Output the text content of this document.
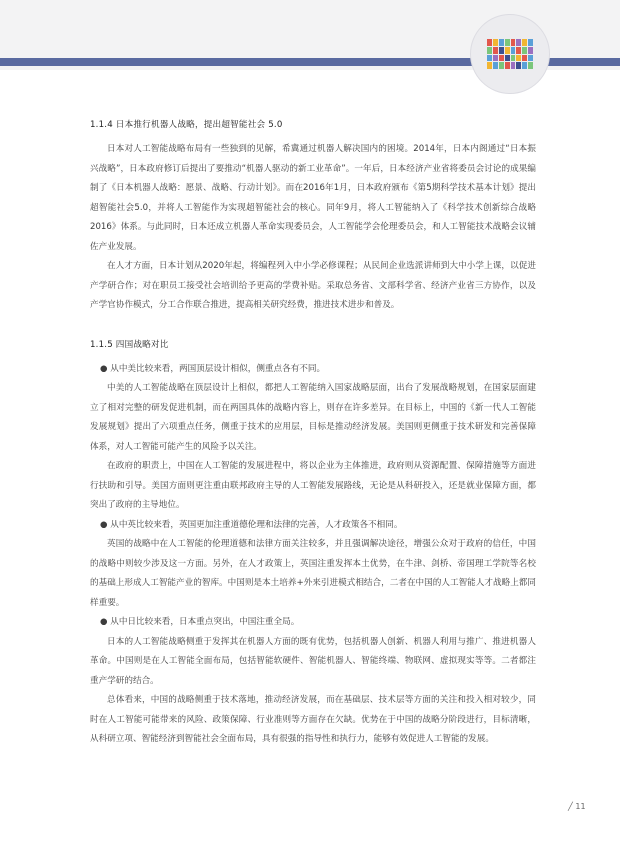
1.1.4 日本推行机器人战略，提出超智能社会 5.0

日本对人工智能战略布局有一些独到的见解，希冀通过机器人解决国内的困境。2014年，日本内阁通过“日本振兴战略”，日本政府修订后提出了要推动“机器人驱动的新工业革命”。一年后，日本经济产业省将委员会讨论的成果编制了《日本机器人战略：愿景、战略、行动计划》。而在2016年1月，日本政府颁布《第5期科学技术基本计划》提出超智能社会5.0，并将人工智能作为实现超智能社会的核心。同年9月，将人工智能纳入了《科学技术创新综合战略2016》体系。与此同时，日本还成立机器人革命实现委员会，人工智能学会伦理委员会，和人工智能技术战略会议辅佐产业发展。

在人才方面，日本计划从2020年起，将编程列入中小学必修课程；从民间企业选派讲师到大中小学上课，以促进产学研合作；对在职员工接受社会培训给予更高的学费补贴。采取总务省、文部科学省、经济产业省三方协作，以及产学官协作模式，分工合作联合推进，提高相关研究经费，推进技术进步和普及。

1.1.5 四国战略对比

● 从中美比较来看，两国顶层设计相似，侧重点各有不同。

中美的人工智能战略在顶层设计上相似，都把人工智能纳入国家战略层面，出台了发展战略规划，在国家层面建立了相对完整的研发促进机制，而在两国具体的战略内容上，则存在许多差异。在目标上，中国的《新一代人工智能发展规划》提出了六项重点任务，侧重于技术的应用层，目标是推动经济发展。美国则更侧重于技术研发和完善保障体系，对人工智能可能产生的风险予以关注。

在政府的职责上，中国在人工智能的发展进程中，将以企业为主体推进，政府则从资源配置、保障措施等方面进行扶助和引导。美国方面则更注重由联邦政府主导的人工智能发展路线，无论是从科研投入，还是就业保障方面，都突出了政府的主导地位。

● 从中英比较来看，英国更加注重道德伦理和法律的完善，人才政策各不相同。

英国的战略中在人工智能的伦理道德和法律方面关注较多，并且强调解决途径，增强公众对于政府的信任，中国的战略中则较少涉及这一方面。另外，在人才政策上，英国注重发挥本土优势，在牛津、剑桥、帝国理工学院等名校的基础上形成人工智能产业的智库。中国则是本土培养+外来引进模式相结合，二者在中国的人工智能人才战略上都同样重要。

● 从中日比较来看，日本重点突出，中国注重全局。

日本的人工智能战略侧重于发挥其在机器人方面的既有优势，包括机器人创新、机器人利用与推广、推进机器人革命。中国则是在人工智能全面布局，包括智能软硬件、智能机器人、智能终端、物联网、虚拟现实等等。二者都注重产学研的结合。

总体看来，中国的战略侧重于技术落地，推动经济发展，而在基础层、技术层等方面的关注和投入相对较少，同时在人工智能可能带来的风险、政策保障、行业准则等方面存在欠缺。优势在于中国的战略分阶段进行，目标清晰，从科研立项、智能经济到智能社会全面布局，具有很强的指导性和执行力，能够有效促进人工智能的发展。

╱ 11
